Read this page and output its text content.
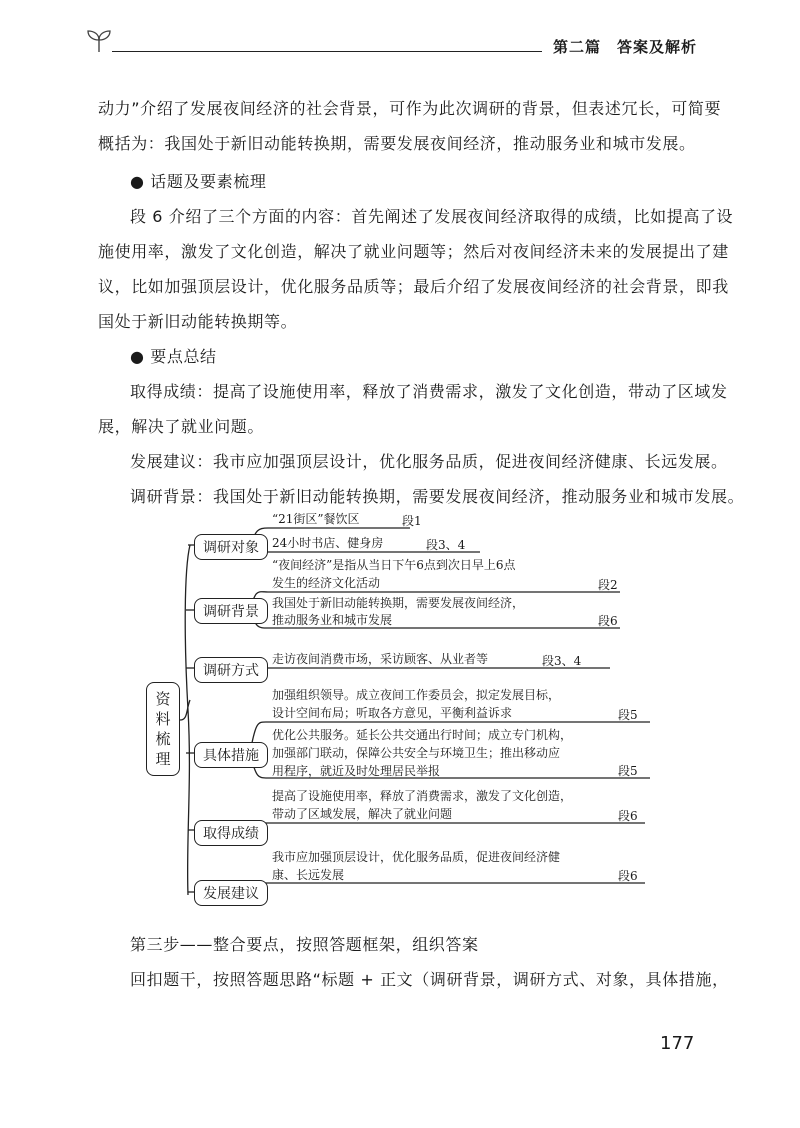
第二篇　答案及解析
动力”介绍了发展夜间经济的社会背景，可作为此次调研的背景，但表述冗长，可简要
概括为：我国处于新旧动能转换期，需要发展夜间经济，推动服务业和城市发展。
● 话题及要素梳理
段 6 介绍了三个方面的内容：首先阐述了发展夜间经济取得的成绩，比如提高了设
施使用率，激发了文化创造，解决了就业问题等；然后对夜间经济未来的发展提出了建
议，比如加强顶层设计，优化服务品质等；最后介绍了发展夜间经济的社会背景，即我
国处于新旧动能转换期等。
● 要点总结
取得成绩：提高了设施使用率，释放了消费需求，激发了文化创造，带动了区域发
展，解决了就业问题。
发展建议：我市应加强顶层设计，优化服务品质，促进夜间经济健康、长远发展。
调研背景：我国处于新旧动能转换期，需要发展夜间经济，推动服务业和城市发展。
资料梳理
调研对象
“21街区”餐饮区	段1
24小时书店、健身房	段3、4
调研背景
“夜间经济”是指从当日下午6点到次日早上6点
发生的经济文化活动	段2
我国处于新旧动能转换期，需要发展夜间经济，
推动服务业和城市发展	段6
调研方式
走访夜间消费市场，采访顾客、从业者等	段3、4
具体措施
加强组织领导。成立夜间工作委员会，拟定发展目标，
设计空间布局；听取各方意见，平衡利益诉求	段5
优化公共服务。延长公共交通出行时间；成立专门机构，
加强部门联动，保障公共安全与环境卫生；推出移动应
用程序，就近及时处理居民举报	段5
取得成绩
提高了设施使用率，释放了消费需求，激发了文化创造，
带动了区域发展，解决了就业问题	段6
发展建议
我市应加强顶层设计，优化服务品质，促进夜间经济健
康、长远发展	段6
第三步——整合要点，按照答题框架，组织答案
回扣题干，按照答题思路“标题 + 正文（调研背景，调研方式、对象，具体措施，
177
